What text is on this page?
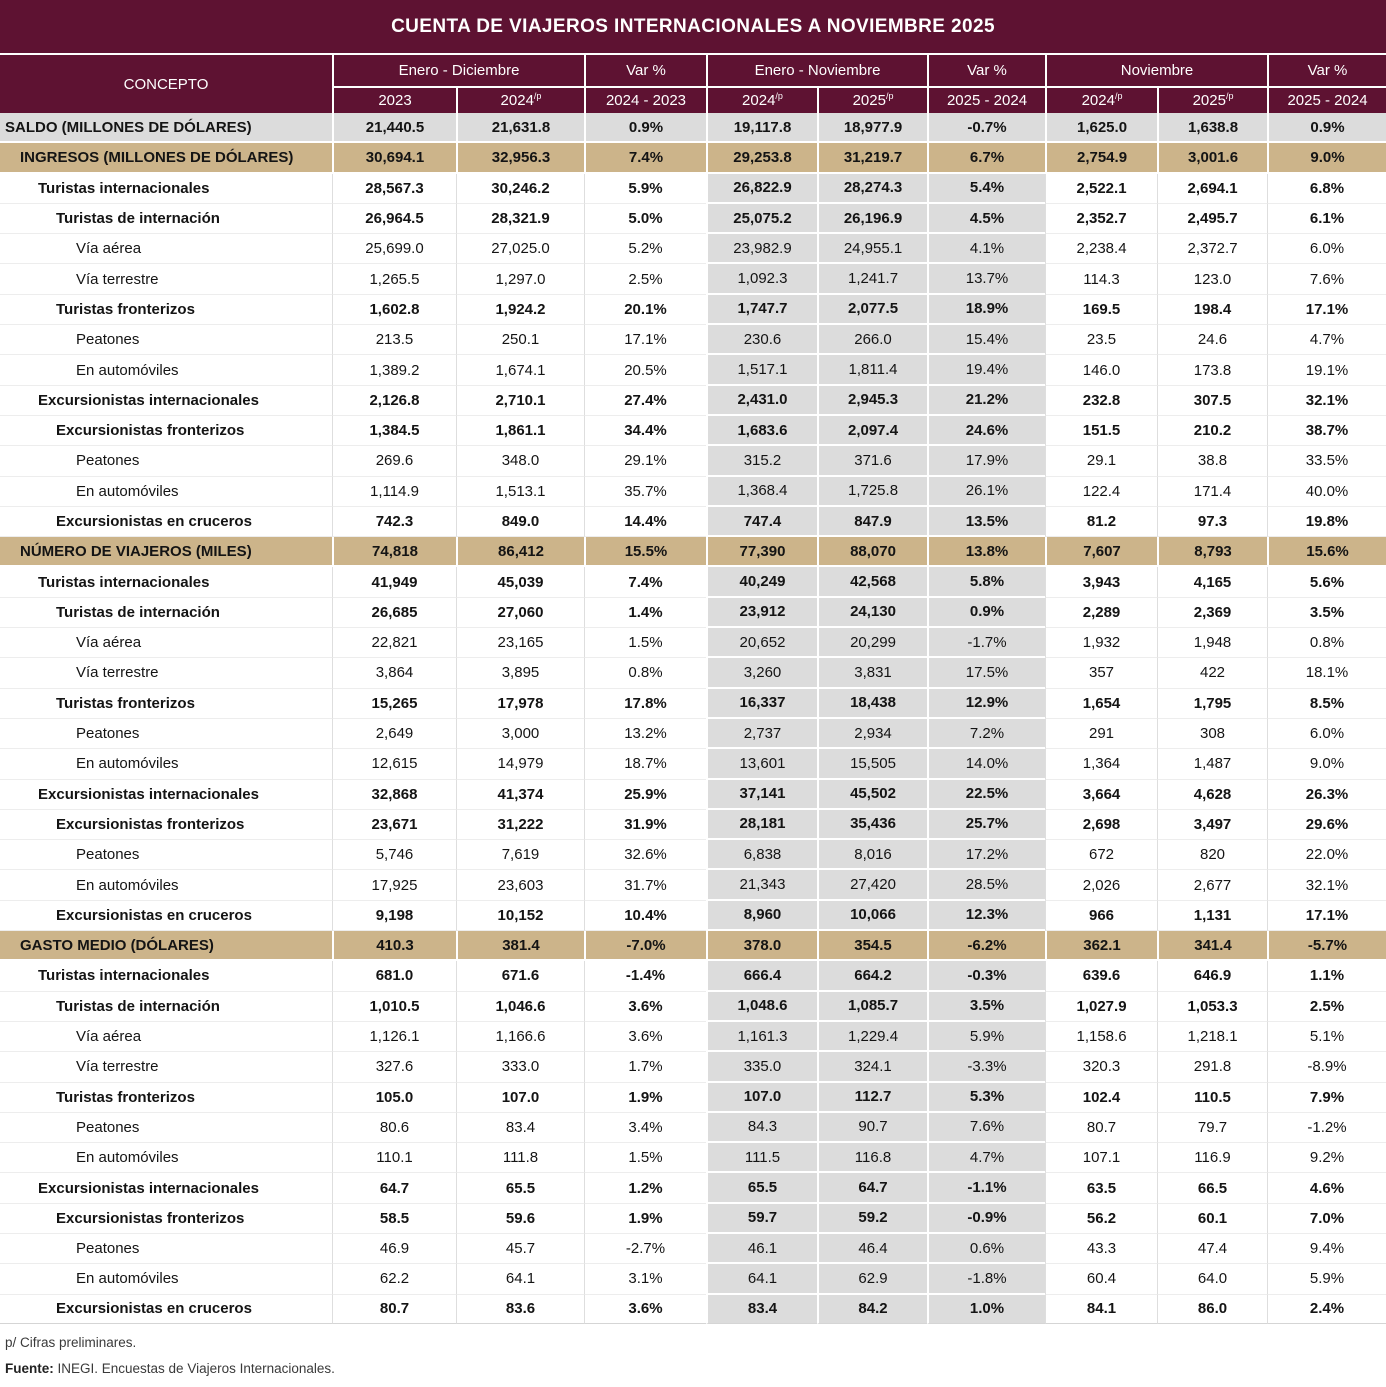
CUENTA DE VIAJEROS INTERNACIONALES A NOVIEMBRE 2025
CONCEPTO	Enero - Diciembre		Var %	Enero - Noviembre		Var %	Noviembre		Var %
	2023	$2024^{/p}$	2024 - 2023	$2024^{/p}$	$2025^{/p}$	2025 - 2024	$2024^{/p}$	$2025^{/p}$	2025 - 2024
SALDO (MILLONES DE DÓLARES)	21,440.5	21,631.8	0.9%	19,117.8	18,977.9	-0.7%	1,625.0	1,638.8	0.9%
INGRESOS (MILLONES DE DÓLARES)	30,694.1	32,956.3	7.4%	29,253.8	31,219.7	6.7%	2,754.9	3,001.6	9.0%
Turistas internacionales	28,567.3	30,246.2	5.9%	26,822.9	28,274.3	5.4%	2,522.1	2,694.1	6.8%
Turistas de internación	26,964.5	28,321.9	5.0%	25,075.2	26,196.9	4.5%	2,352.7	2,495.7	6.1%
Vía aérea	25,699.0	27,025.0	5.2%	23,982.9	24,955.1	4.1%	2,238.4	2,372.7	6.0%
Vía terrestre	1,265.5	1,297.0	2.5%	1,092.3	1,241.7	13.7%	114.3	123.0	7.6%
Turistas fronterizos	1,602.8	1,924.2	20.1%	1,747.7	2,077.5	18.9%	169.5	198.4	17.1%
Peatones	213.5	250.1	17.1%	230.6	266.0	15.4%	23.5	24.6	4.7%
En automóviles	1,389.2	1,674.1	20.5%	1,517.1	1,811.4	19.4%	146.0	173.8	19.1%
Excursionistas internacionales	2,126.8	2,710.1	27.4%	2,431.0	2,945.3	21.2%	232.8	307.5	32.1%
Excursionistas fronterizos	1,384.5	1,861.1	34.4%	1,683.6	2,097.4	24.6%	151.5	210.2	38.7%
Peatones	269.6	348.0	29.1%	315.2	371.6	17.9%	29.1	38.8	33.5%
En automóviles	1,114.9	1,513.1	35.7%	1,368.4	1,725.8	26.1%	122.4	171.4	40.0%
Excursionistas en cruceros	742.3	849.0	14.4%	747.4	847.9	13.5%	81.2	97.3	19.8%
NÚMERO DE VIAJEROS (MILES)	74,818	86,412	15.5%	77,390	88,070	13.8%	7,607	8,793	15.6%
Turistas internacionales	41,949	45,039	7.4%	40,249	42,568	5.8%	3,943	4,165	5.6%
Turistas de internación	26,685	27,060	1.4%	23,912	24,130	0.9%	2,289	2,369	3.5%
Vía aérea	22,821	23,165	1.5%	20,652	20,299	-1.7%	1,932	1,948	0.8%
Vía terrestre	3,864	3,895	0.8%	3,260	3,831	17.5%	357	422	18.1%
Turistas fronterizos	15,265	17,978	17.8%	16,337	18,438	12.9%	1,654	1,795	8.5%
Peatones	2,649	3,000	13.2%	2,737	2,934	7.2%	291	308	6.0%
En automóviles	12,615	14,979	18.7%	13,601	15,505	14.0%	1,364	1,487	9.0%
Excursionistas internacionales	32,868	41,374	25.9%	37,141	45,502	22.5%	3,664	4,628	26.3%
Excursionistas fronterizos	23,671	31,222	31.9%	28,181	35,436	25.7%	2,698	3,497	29.6%
Peatones	5,746	7,619	32.6%	6,838	8,016	17.2%	672	820	22.0%
En automóviles	17,925	23,603	31.7%	21,343	27,420	28.5%	2,026	2,677	32.1%
Excursionistas en cruceros	9,198	10,152	10.4%	8,960	10,066	12.3%	966	1,131	17.1%
GASTO MEDIO (DÓLARES)	410.3	381.4	-7.0%	378.0	354.5	-6.2%	362.1	341.4	-5.7%
Turistas internacionales	681.0	671.6	-1.4%	666.4	664.2	-0.3%	639.6	646.9	1.1%
Turistas de internación	1,010.5	1,046.6	3.6%	1,048.6	1,085.7	3.5%	1,027.9	1,053.3	2.5%
Vía aérea	1,126.1	1,166.6	3.6%	1,161.3	1,229.4	5.9%	1,158.6	1,218.1	5.1%
Vía terrestre	327.6	333.0	1.7%	335.0	324.1	-3.3%	320.3	291.8	-8.9%
Turistas fronterizos	105.0	107.0	1.9%	107.0	112.7	5.3%	102.4	110.5	7.9%
Peatones	80.6	83.4	3.4%	84.3	90.7	7.6%	80.7	79.7	-1.2%
En automóviles	110.1	111.8	1.5%	111.5	116.8	4.7%	107.1	116.9	9.2%
Excursionistas internacionales	64.7	65.5	1.2%	65.5	64.7	-1.1%	63.5	66.5	4.6%
Excursionistas fronterizos	58.5	59.6	1.9%	59.7	59.2	-0.9%	56.2	60.1	7.0%
Peatones	46.9	45.7	-2.7%	46.1	46.4	0.6%	43.3	47.4	9.4%
En automóviles	62.2	64.1	3.1%	64.1	62.9	-1.8%	60.4	64.0	5.9%
Excursionistas en cruceros	80.7	83.6	3.6%	83.4	84.2	1.0%	84.1	86.0	2.4%

p/ Cifras preliminares.

Fuente: INEGI. Encuestas de Viajeros Internacionales.
